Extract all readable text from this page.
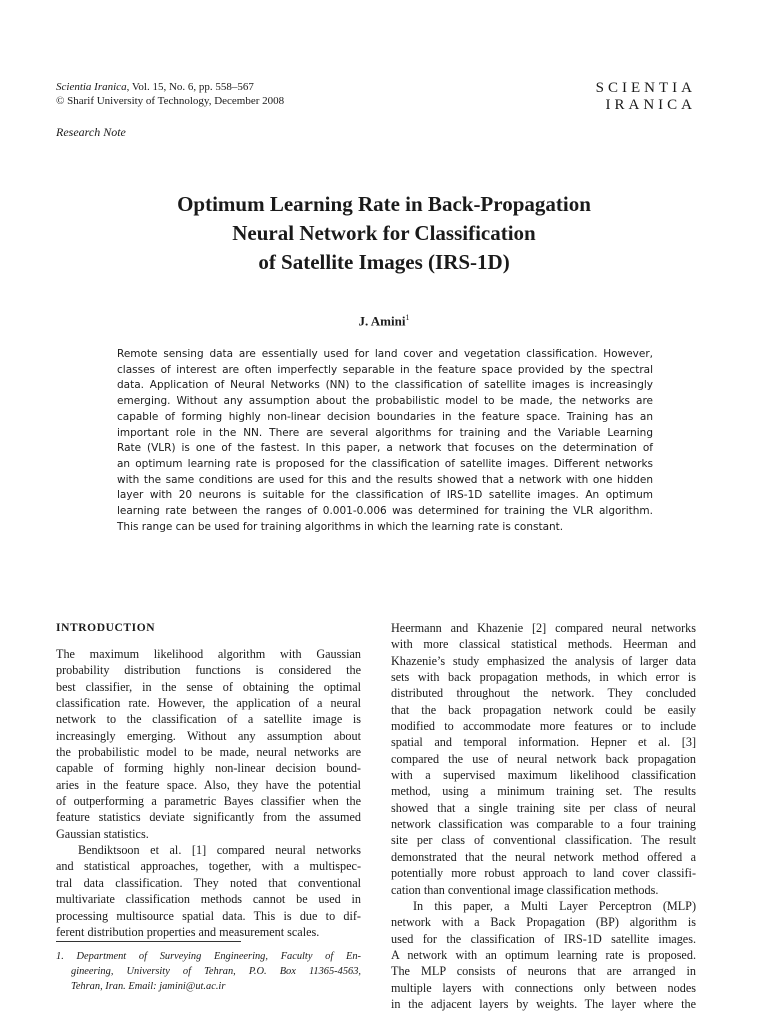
Scientia Iranica, Vol. 15, No. 6, pp. 558–567
© Sharif University of Technology, December 2008
SCIENTIA
IRANICA
Research Note
Optimum Learning Rate in Back-Propagation
Neural Network for Classification
of Satellite Images (IRS-1D)
J. Amini$^1$
Remote sensing data are essentially used for land cover and vegetation classification. However,
classes of interest are often imperfectly separable in the feature space provided by the spectral
data. Application of Neural Networks (NN) to the classification of satellite images is increasingly
emerging. Without any assumption about the probabilistic model to be made, the networks are
capable of forming highly non-linear decision boundaries in the feature space. Training has an
important role in the NN. There are several algorithms for training and the Variable Learning
Rate (VLR) is one of the fastest. In this paper, a network that focuses on the determination of
an optimum learning rate is proposed for the classification of satellite images. Different networks
with the same conditions are used for this and the results showed that a network with one hidden
layer with 20 neurons is suitable for the classification of IRS-1D satellite images. An optimum
learning rate between the ranges of 0.001-0.006 was determined for training the VLR algorithm.
This range can be used for training algorithms in which the learning rate is constant.
INTRODUCTION
The maximum likelihood algorithm with Gaussian
probability distribution functions is considered the
best classifier, in the sense of obtaining the optimal
classification rate. However, the application of a neural
network to the classification of a satellite image is
increasingly emerging. Without any assumption about
the probabilistic model to be made, neural networks are
capable of forming highly non-linear decision bound-
aries in the feature space. Also, they have the potential
of outperforming a parametric Bayes classifier when the
feature statistics deviate significantly from the assumed
Gaussian statistics.
Bendiktsoon et al. [1] compared neural networks
and statistical approaches, together, with a multispec-
tral data classification. They noted that conventional
multivariate classification methods cannot be used in
processing multisource spatial data. This is due to dif-
ferent distribution properties and measurement scales.
1. Department of Surveying Engineering, Faculty of En-
gineering, University of Tehran, P.O. Box 11365-4563,
Tehran, Iran. Email: jamini@ut.ac.ir
Heermann and Khazenie [2] compared neural networks
with more classical statistical methods. Heerman and
Khazenie’s study emphasized the analysis of larger data
sets with back propagation methods, in which error is
distributed throughout the network. They concluded
that the back propagation network could be easily
modified to accommodate more features or to include
spatial and temporal information. Hepner et al. [3]
compared the use of neural network back propagation
with a supervised maximum likelihood classification
method, using a minimum training set. The results
showed that a single training site per class of neural
network classification was comparable to a four training
site per class of conventional classification. The result
demonstrated that the neural network method offered a
potentially more robust approach to land cover classifi-
cation than conventional image classification methods.
In this paper, a Multi Layer Perceptron (MLP)
network with a Back Propagation (BP) algorithm is
used for the classification of IRS-1D satellite images.
A network with an optimum learning rate is proposed.
The MLP consists of neurons that are arranged in
multiple layers with connections only between nodes
in the adjacent layers by weights. The layer where the
